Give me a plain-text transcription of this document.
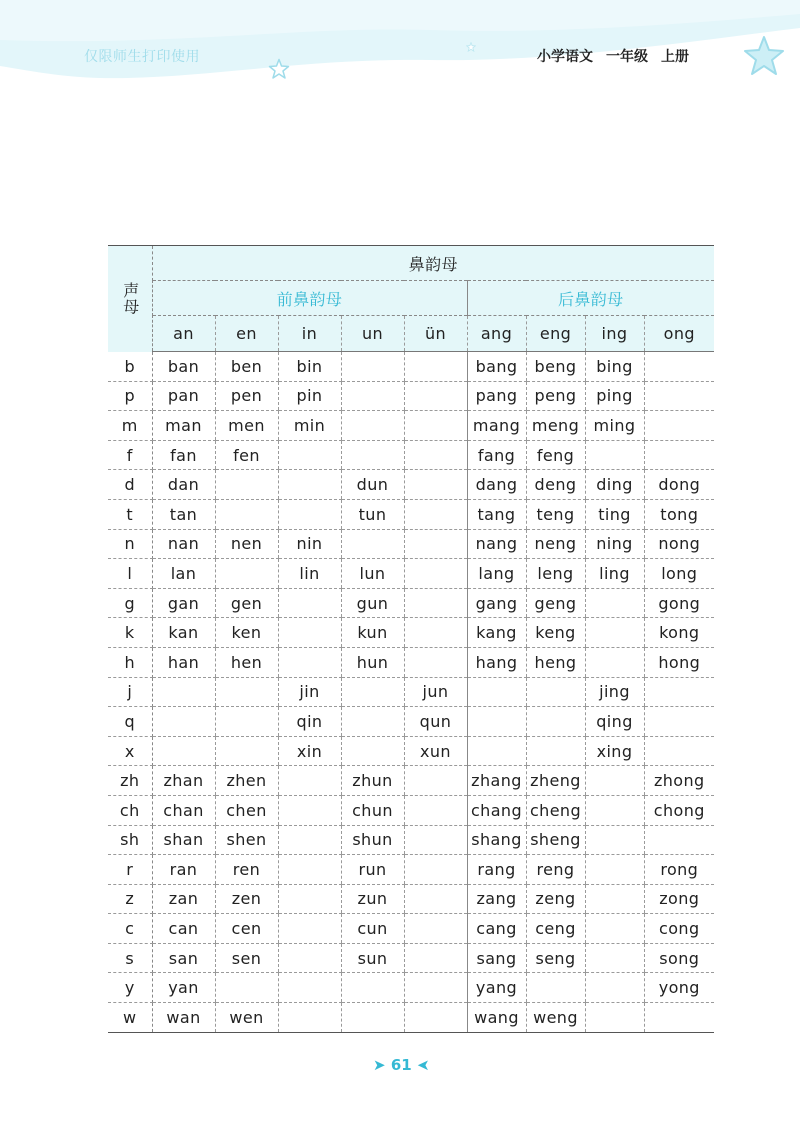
仅限师生打印使用	小学语文 一年级 上册
声母	鼻韵母								
	前鼻韵母					后鼻韵母			
	an	en	in	un	ün	ang	eng	ing	ong
b	ban	ben	bin			bang	beng	bing	
p	pan	pen	pin			pang	peng	ping	
m	man	men	min			mang	meng	ming	
f	fan	fen				fang	feng		
d	dan			dun		dang	deng	ding	dong
t	tan			tun		tang	teng	ting	tong
n	nan	nen	nin			nang	neng	ning	nong
l	lan		lin	lun		lang	leng	ling	long
g	gan	gen		gun		gang	geng		gong
k	kan	ken		kun		kang	keng		kong
h	han	hen		hun		hang	heng		hong
j			jin		jun			jing	
q			qin		qun			qing	
x			xin		xun			xing	
zh	zhan	zhen		zhun		zhang	zheng		zhong
ch	chan	chen		chun		chang	cheng		chong
sh	shan	shen		shun		shang	sheng		
r	ran	ren		run		rang	reng		rong
z	zan	zen		zun		zang	zeng		zong
c	can	cen		cun		cang	ceng		cong
s	san	sen		sun		sang	seng		song
y	yan					yang			yong
w	wan	wen				wang	weng		
➤ 61 ➤
